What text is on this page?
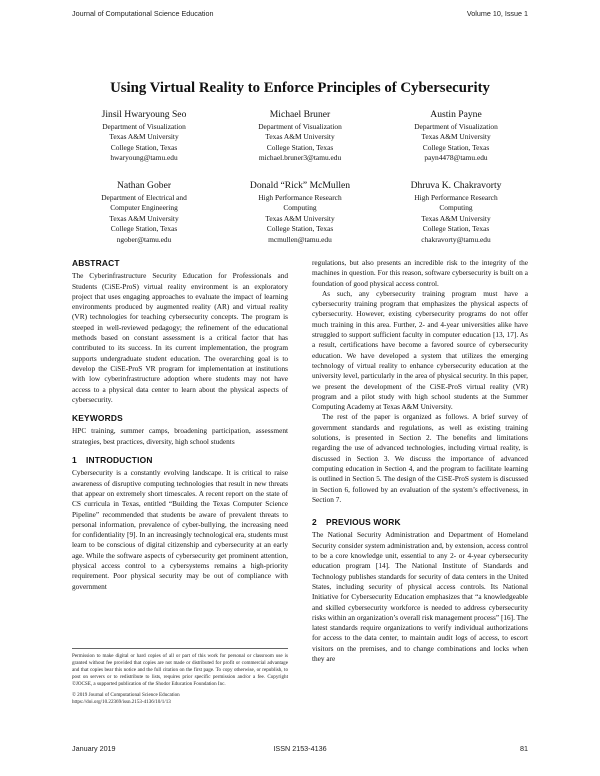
Journal of Computational Science Education	Volume 10, Issue 1
Using Virtual Reality to Enforce Principles of Cybersecurity
Jinsil Hwaryoung Seo
Department of Visualization
Texas A&M University
College Station, Texas
hwaryoung@tamu.edu
Michael Bruner
Department of Visualization
Texas A&M University
College Station, Texas
michael.bruner3@tamu.edu
Austin Payne
Department of Visualization
Texas A&M University
College Station, Texas
payn4478@tamu.edu
Nathan Gober
Department of Electrical and
Computer Engineering
Texas A&M University
College Station, Texas
ngober@tamu.edu
Donald “Rick” McMullen
High Performance Research
Computing
Texas A&M University
College Station, Texas
mcmullen@tamu.edu
Dhruva K. Chakravorty
High Performance Research
Computing
Texas A&M University
College Station, Texas
chakravorty@tamu.edu
ABSTRACT

The Cyberinfrastructure Security Education for Professionals and Students (CiSE-ProS) virtual reality environment is an exploratory project that uses engaging approaches to evaluate the impact of learning environments produced by augmented reality (AR) and virtual reality (VR) technologies for teaching cybersecurity concepts. The program is steeped in well-reviewed pedagogy; the refinement of the educational methods based on constant assessment is a critical factor that has contributed to its success. In its current implementation, the program supports undergraduate student education. The overarching goal is to develop the CiSE-ProS VR program for implementation at institutions with low cyberinfrastructure adoption where students may not have access to a physical data center to learn about the physical aspects of cybersecurity.

KEYWORDS

HPC training, summer camps, broadening participation, assessment strategies, best practices, diversity, high school students

1 INTRODUCTION

Cybersecurity is a constantly evolving landscape. It is critical to raise awareness of disruptive computing technologies that result in new threats that appear on extremely short timescales. A recent report on the state of CS curricula in Texas, entitled “Building the Texas Computer Science Pipeline” recommended that students be aware of prevalent threats to personal information, prevalence of cyber-bullying, the increasing need for confidentiality [9]. In an increasingly technological era, students must learn to be conscious of digital citizenship and cybersecurity at an early age. While the software aspects of cybersecurity get prominent attention, physical access control to a cybersystems remains a high-priority requirement. Poor physical security may be out of compliance with government

Permission to make digital or hard copies of all or part of this work for personal or classroom use is granted without fee provided that copies are not made or distributed for profit or commercial advantage and that copies bear this notice and the full citation on the first page. To copy otherwise, or republish, to post on servers or to redistribute to lists, requires prior specific permission and/or a fee. Copyright ©JOCSE, a supported publication of the Shodor Education Foundation Inc.
© 2019 Journal of Computational Science Education
https://doi.org/10.22369/issn.2153-4136/10/1/13

regulations, but also presents an incredible risk to the integrity of the machines in question. For this reason, software cybersecurity is built on a foundation of good physical access control.

As such, any cybersecurity training program must have a cybersecurity training program that emphasizes the physical aspects of cybersecurity. However, existing cybersecurity programs do not offer much training in this area. Further, 2- and 4-year universities alike have struggled to support sufficient faculty in computer education [13, 17]. As a result, certifications have become a favored source of cybersecurity education. We have developed a system that utilizes the emerging technology of virtual reality to enhance cybersecurity education at the university level, particularly in the area of physical security. In this paper, we present the development of the CiSE-ProS virtual reality (VR) program and a pilot study with high school students at the Summer Computing Academy at Texas A&M University.

The rest of the paper is organized as follows. A brief survey of government standards and regulations, as well as existing training solutions, is presented in Section 2. The benefits and limitations regarding the use of advanced technologies, including virtual reality, is discussed in Section 3. We discuss the importance of advanced computing education in Section 4, and the program to facilitate learning is outlined in Section 5. The design of the CiSE-ProS system is discussed in Section 6, followed by an evaluation of the system’s effectiveness, in Section 7.

2 PREVIOUS WORK

The National Security Administration and Department of Homeland Security consider system administration and, by extension, access control to be a core knowledge unit, essential to any 2- or 4-year cybersecurity education program [14]. The National Institute of Standards and Technology publishes standards for security of data centers in the United States, including security of physical access controls. Its National Initiative for Cybersecurity Education emphasizes that “a knowledgeable and skilled cybersecurity workforce is needed to address cybersecurity risks within an organization’s overall risk management process” [16]. The latest standards require organizations to verify individual authorizations for access to the data center, to maintain audit logs of access, to escort visitors on the premises, and to change combinations and locks when they are

January 2019	ISSN 2153-4136	81
